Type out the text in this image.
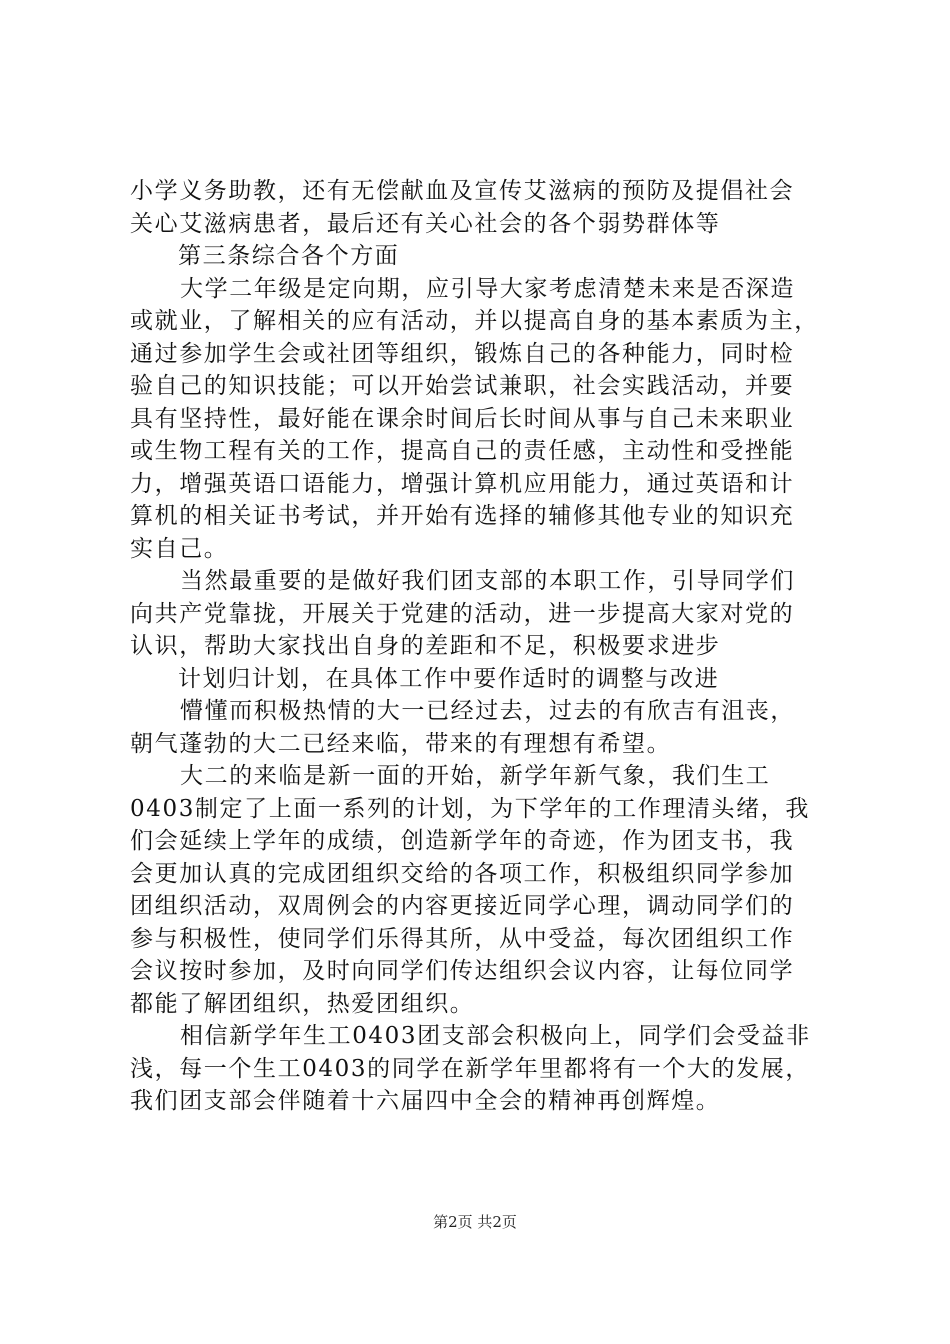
小学义务助教，还有无偿献血及宣传艾滋病的预防及提倡社会
关心艾滋病患者，最后还有关心社会的各个弱势群体等
第三条综合各个方面
大学二年级是定向期，应引导大家考虑清楚未来是否深造
或就业，了解相关的应有活动，并以提高自身的基本素质为主，
通过参加学生会或社团等组织，锻炼自己的各种能力，同时检
验自己的知识技能；可以开始尝试兼职，社会实践活动，并要
具有坚持性，最好能在课余时间后长时间从事与自己未来职业
或生物工程有关的工作，提高自己的责任感，主动性和受挫能
力，增强英语口语能力，增强计算机应用能力，通过英语和计
算机的相关证书考试，并开始有选择的辅修其他专业的知识充
实自己。
当然最重要的是做好我们团支部的本职工作，引导同学们
向共产党靠拢，开展关于党建的活动，进一步提高大家对党的
认识，帮助大家找出自身的差距和不足，积极要求进步
计划归计划，在具体工作中要作适时的调整与改进
懵懂而积极热情的大一已经过去，过去的有欣吉有沮丧，
朝气蓬勃的大二已经来临，带来的有理想有希望。
大二的来临是新一面的开始，新学年新气象，我们生工
0403制定了上面一系列的计划，为下学年的工作理清头绪，我
们会延续上学年的成绩，创造新学年的奇迹，作为团支书，我
会更加认真的完成团组织交给的各项工作，积极组织同学参加
团组织活动，双周例会的内容更接近同学心理，调动同学们的
参与积极性，使同学们乐得其所，从中受益，每次团组织工作
会议按时参加，及时向同学们传达组织会议内容，让每位同学
都能了解团组织，热爱团组织。
相信新学年生工0403团支部会积极向上，同学们会受益非
浅，每一个生工0403的同学在新学年里都将有一个大的发展，
我们团支部会伴随着十六届四中全会的精神再创辉煌。
第2页 共2页
